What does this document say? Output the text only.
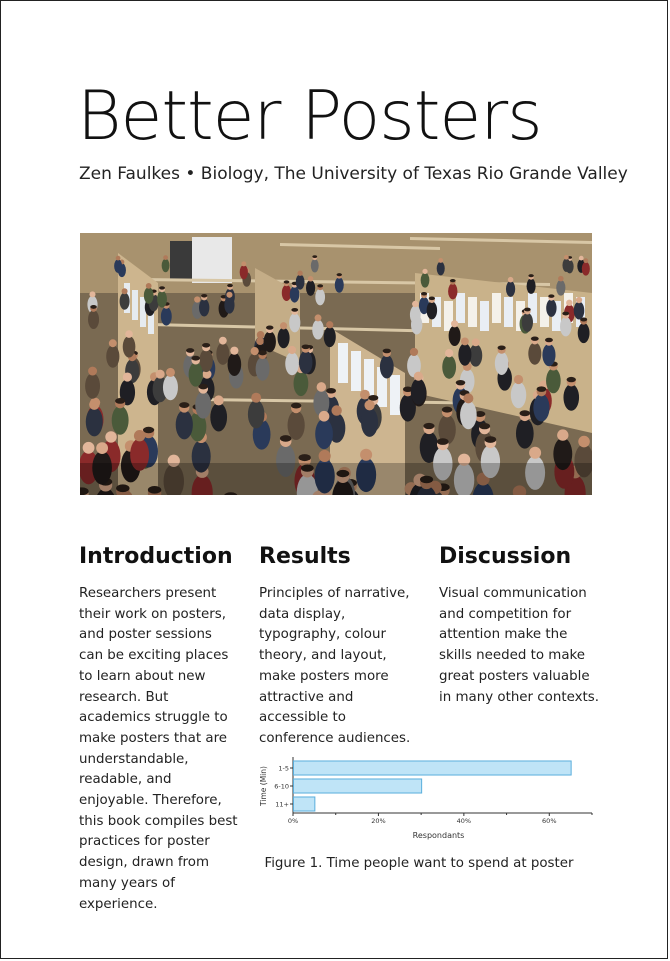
Better Posters
Zen Faulkes • Biology, The University of Texas Rio Grande Valley
Introduction

Researchers present their work on posters, and poster sessions can be exciting places to learn about new research. But academics struggle to make posters that are understandable, readable, and enjoyable. Therefore, this book compiles best practices for poster design, drawn from many years of experience.

Results

Principles of narrative, data display, typography, colour theory, and layout, make posters more attractive and accessible to conference audiences.

Discussion

Visual communication and competition for attention make the skills needed to make great posters valuable in many other contexts.

1-5
6-10
11+
0%	20%	40%	60%
Respondants
Time (Min)
Figure 1. Time people want to spend at poster
